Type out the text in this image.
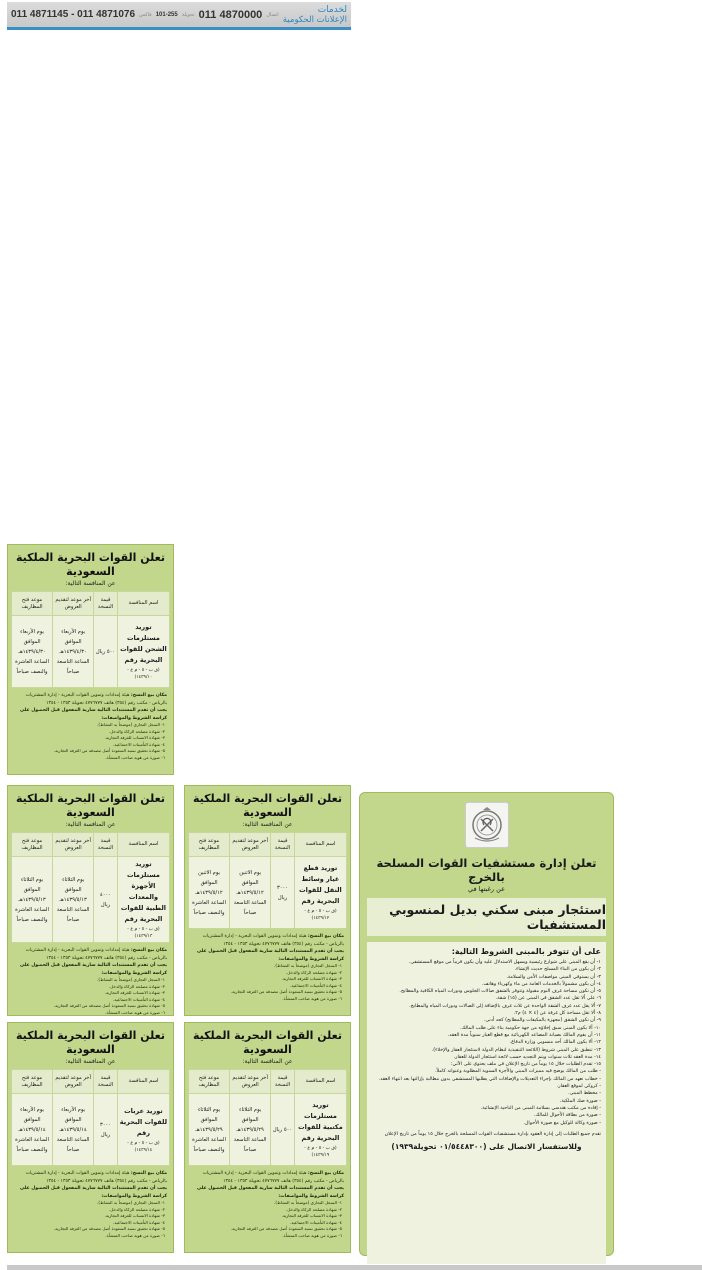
011 4871145 - 011 4871076 فاكس 101-255 تحويلة 011 4870000 اتصال	لخدمات
الإعلانات الحكومية
تعلن القوات البحرية الملكية السعودية
عن المنافسة التالية:
اسم المنافسة	قيمة النسخة	آخر موعد لتقديم العروض	موعد فتح المظاريف
توريد مستلزمات الشحن للقوات البحرية رقم
(ق ب - ٥ - م ع - ١٤٣٩/١٠)	٥٠٠ ريال	يوم الأربعاء الموافق ١٤٣٩/٤/٣٠هـ الساعة التاسعة صباحاً	يوم الأربعاء الموافق ١٤٣٩/٤/٣٠هـ الساعة العاشرة والنصف صباحاً
مكان بيع النسخ: هيئة إمدادات وتموين القوات البحرية - إدارة المشتريات بالرياض - مكتب رقم (٣٥٤) هاتف ٤٧٧٦٧٧٧ تحويلة ١٣٥٣ - ١٣٥٤
يجب أن تقدم المستندات التالية سارية المفعول قبل الحصول على كراسة الشروط والمواصفات:
١- السجل التجاري (موضحاً به النشاط).
٢- شهادة مصلحة الزكاة والدخل.
٣- شهادة الانتساب للغرفة التجارية.
٤- شهادة التأمينات الاجتماعية.
٥- شهادة تحقيق نسبة السعودة أصل مصدقة من الغرفة التجارية.
٦- صورة من هوية صاحب المنشأة.
تعلن القوات البحرية الملكية السعودية
عن المنافسة التالية:
اسم المنافسة	قيمة النسخة	آخر موعد لتقديم العروض	موعد فتح المظاريف
توريد قطع غيار وسائط النقل للقوات البحرية رقم
(ق ب - ٥ - م ع - ١٤٣٩/١٢)	٣٠٠٠ ريال	يوم الاثنين الموافق ١٤٣٩/٥/١٢هـ الساعة التاسعة صباحاً	يوم الاثنين الموافق ١٤٣٩/٥/١٢هـ الساعة العاشرة والنصف صباحاً
مكان بيع النسخ: هيئة إمدادات وتموين القوات البحرية - إدارة المشتريات بالرياض - مكتب رقم (٣٥٤) هاتف ٤٧٧٦٧٧٧ تحويلة ١٣٥٣ - ١٣٥٤
يجب أن تقدم المستندات التالية سارية المفعول قبل الحصول على كراسة الشروط والمواصفات:
١- السجل التجاري (موضحاً به النشاط).
٢- شهادة مصلحة الزكاة والدخل.
٣- شهادة الانتساب للغرفة التجارية.
٤- شهادة التأمينات الاجتماعية.
٥- شهادة تحقيق نسبة السعودة أصل مصدقة من الغرفة التجارية.
٦- صورة من هوية صاحب المنشأة.
تعلن القوات البحرية الملكية السعودية
عن المنافسة التالية:
اسم المنافسة	قيمة النسخة	آخر موعد لتقديم العروض	موعد فتح المظاريف
توريد مستلزمات الأجهزة والمعدات الطبية للقوات البحرية رقم
(ق ب - ٥ - م ع - ١٤٣٩/١٣)	٤٠٠٠ ريال	يوم الثلاثاء الموافق ١٤٣٩/٥/١٣هـ الساعة التاسعة صباحاً	يوم الثلاثاء الموافق ١٤٣٩/٥/١٣هـ الساعة العاشرة والنصف صباحاً
مكان بيع النسخ: هيئة إمدادات وتموين القوات البحرية - إدارة المشتريات بالرياض - مكتب رقم (٣٥٤) هاتف ٤٧٧٦٧٧٧ تحويلة ١٣٥٣ - ١٣٥٤
يجب أن تقدم المستندات التالية سارية المفعول قبل الحصول على كراسة الشروط والمواصفات:
١- السجل التجاري (موضحاً به النشاط).
٢- شهادة مصلحة الزكاة والدخل.
٣- شهادة الانتساب للغرفة التجارية.
٤- شهادة التأمينات الاجتماعية.
٥- شهادة تحقيق نسبة السعودة أصل مصدقة من الغرفة التجارية.
٦- صورة من هوية صاحب المنشأة.
تعلن القوات البحرية الملكية السعودية
عن المنافسة التالية:
اسم المنافسة	قيمة النسخة	آخر موعد لتقديم العروض	موعد فتح المظاريف
توريد مستلزمات مكتبية للقوات البحرية رقم
(ق ب - ٥ - م ع - ١٤٣٩/١٩)	٥٠٠ ريال	يوم الثلاثاء الموافق ١٤٣٩/٥/٢٩هـ الساعة التاسعة صباحاً	يوم الثلاثاء الموافق ١٤٣٩/٥/٢٩هـ الساعة العاشرة والنصف صباحاً
مكان بيع النسخ: هيئة إمدادات وتموين القوات البحرية - إدارة المشتريات بالرياض - مكتب رقم (٣٥٤) هاتف ٤٧٧٦٧٧٧ تحويلة ١٣٥٣ - ١٣٥٤
يجب أن تقدم المستندات التالية سارية المفعول قبل الحصول على كراسة الشروط والمواصفات:
١- السجل التجاري (موضحاً به النشاط).
٢- شهادة مصلحة الزكاة والدخل.
٣- شهادة الانتساب للغرفة التجارية.
٤- شهادة التأمينات الاجتماعية.
٥- شهادة تحقيق نسبة السعودة أصل مصدقة من الغرفة التجارية.
٦- صورة من هوية صاحب المنشأة.
تعلن القوات البحرية الملكية السعودية
عن المنافسة التالية:
اسم المنافسة	قيمة النسخة	آخر موعد لتقديم العروض	موعد فتح المظاريف
توريد عربات للقوات البحرية رقم
(ق ب - ٥ - م ع - ١٤٣٩/١٤)	٣٠٠٠ ريال	يوم الأربعاء الموافق ١٤٣٩/٥/١٤هـ الساعة التاسعة صباحاً	يوم الأربعاء الموافق ١٤٣٩/٥/١٤هـ الساعة العاشرة والنصف صباحاً
مكان بيع النسخ: هيئة إمدادات وتموين القوات البحرية - إدارة المشتريات بالرياض - مكتب رقم (٣٥٤) هاتف ٤٧٧٦٧٧٧ تحويلة ١٣٥٣ - ١٣٥٤
يجب أن تقدم المستندات التالية سارية المفعول قبل الحصول على كراسة الشروط والمواصفات:
١- السجل التجاري (موضحاً به النشاط).
٢- شهادة مصلحة الزكاة والدخل.
٣- شهادة الانتساب للغرفة التجارية.
٤- شهادة التأمينات الاجتماعية.
٥- شهادة تحقيق نسبة السعودة أصل مصدقة من الغرفة التجارية.
٦- صورة من هوية صاحب المنشأة.
تعلن إدارة مستشفيات القوات المسلحة بالخرج
عن رغبتها في
استئجار مبنى سكني بديل لمنسوبي المستشفيات
على أن تتوفر بالمبنى الشروط التالية:
١- أن يقع المبنى على شوارع رئيسية ويسهل الاستدلال عليه وأن يكون قريباً من موقع المستشفى.
٢- أن يكون من البناء المسلح حديث الإنشاء.
٣- أن يستوفي المبنى مواصفات الأمن والسلامة.
٤- أن يكون مشمولاً بالخدمات العامة من ماء وكهرباء وهاتف.
٥- أن تكون مساحة غرف النوم مقبولة وتتوفر بالشقق صالات الجلوس ودورات المياه الكافية والمطابخ.
٦- على ألا تقل عدد الشقق في المبنى عن (١٥) شقة.
٧- ألا يقل عدد غرف الشقة الواحدة عن ثلاث غرف بالإضافة إلى الصالات ودورات المياه والمطابخ.
٨- ألا تقل مساحة كل غرفة عن (٤ × ٤) م٢.
٩- أن تكون الشقق (مجهزة بالمكيفات والمطابخ) كحد أدنى.
١٠- ألا يكون المبنى سبق إخلاؤه من جهة حكومية بناء على طلب المالك.
١١- أن يقوم المالك بصيانة المصاعد الكهربائية مع قطع الغيار سنوياً مدة العقد.
١٢- ألا يكون المالك أحد منسوبي وزارة الدفاع.
١٣- تنطبق على المبنى شروط (اللائحة التنفيذية لنظام الدولة لاستئجار العقار والإخلاء).
١٤- مدة العقد ثلاث سنوات ويتم التجديد حسب لائحة استئجار الدولة للعقار.
١٥- تقدم الطلبات خلال ١٥ يوماً من تاريخ الإعلان في ملف يحتوي على الآتي:
- طلب من المالك يوضح فيه مميزات المبنى والأجرة السنوية المطلوبة وعنوانه كاملاً.
- خطاب تعهد من المالك بإجراء التعديلات والإضافات التي يطلبها المستشفى بدون مطالبة بإزالتها بعد انتهاء العقد.
- كروكي لموقع العقار.
- مخطط المبنى.
- صورة صك الملكية.
- إفادة من مكتب هندسي بسلامة المبنى من الناحية الإنشائية.
- صورة من بطاقة الأحوال للمالك.
- صورة وكالة للوكيل مع صورة الأحوال.
تقدم جميع الطلبات إلى إدارة العقود بإدارة مستشفيات القوات المسلحة بالخرج خلال ١٥ يوماً من تاريخ الإعلان
وللاستفسار الاتصال على (٠١/٥٤٤٨٣٠٠ تحويلة١٩٣٩)
